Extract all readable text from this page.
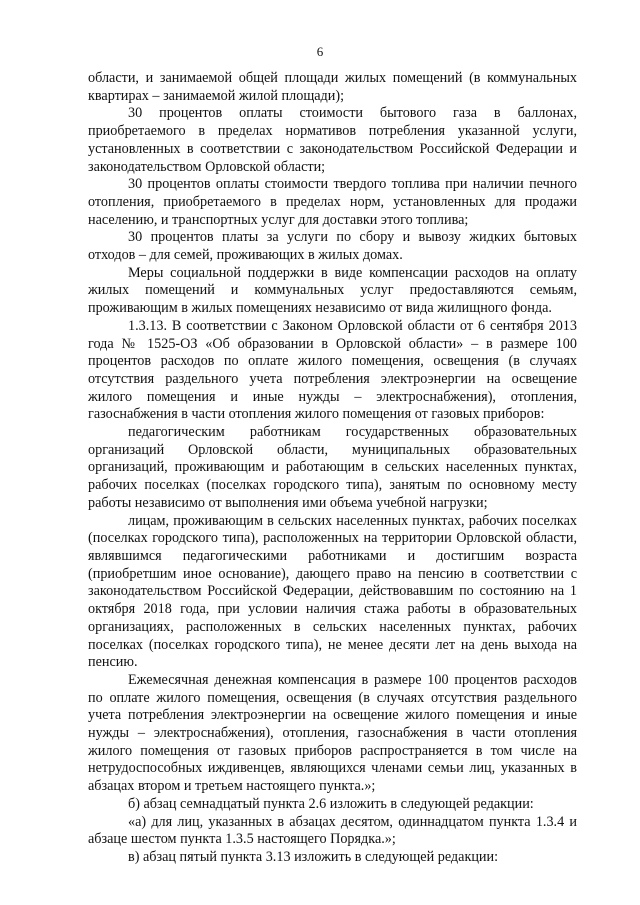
6

области, и занимаемой общей площади жилых помещений (в коммунальных квартирах – занимаемой жилой площади);

30 процентов оплаты стоимости бытового газа в баллонах, приобретаемого в пределах нормативов потребления указанной услуги, установленных в соответствии с законодательством Российской Федерации и законодательством Орловской области;

30 процентов оплаты стоимости твердого топлива при наличии печного отопления, приобретаемого в пределах норм, установленных для продажи населению, и транспортных услуг для доставки этого топлива;

30 процентов платы за услуги по сбору и вывозу жидких бытовых отходов – для семей, проживающих в жилых домах.

Меры социальной поддержки в виде компенсации расходов на оплату жилых помещений и коммунальных услуг предоставляются семьям, проживающим в жилых помещениях независимо от вида жилищного фонда.

1.3.13. В соответствии с Законом Орловской области от 6 сентября 2013 года № 1525-ОЗ «Об образовании в Орловской области» – в размере 100 процентов расходов по оплате жилого помещения, освещения (в случаях отсутствия раздельного учета потребления электроэнергии на освещение жилого помещения и иные нужды – электроснабжения), отопления, газоснабжения в части отопления жилого помещения от газовых приборов:

педагогическим работникам государственных образовательных организаций Орловской области, муниципальных образовательных организаций, проживающим и работающим в сельских населенных пунктах, рабочих поселках (поселках городского типа), занятым по основному месту работы независимо от выполнения ими объема учебной нагрузки;

лицам, проживающим в сельских населенных пунктах, рабочих поселках (поселках городского типа), расположенных на территории Орловской области, являвшимся педагогическими работниками и достигшим возраста (приобретшим иное основание), дающего право на пенсию в соответствии с законодательством Российской Федерации, действовавшим по состоянию на 1 октября 2018 года, при условии наличия стажа работы в образовательных организациях, расположенных в сельских населенных пунктах, рабочих поселках (поселках городского типа), не менее десяти лет на день выхода на пенсию.

Ежемесячная денежная компенсация в размере 100 процентов расходов по оплате жилого помещения, освещения (в случаях отсутствия раздельного учета потребления электроэнергии на освещение жилого помещения и иные нужды – электроснабжения), отопления, газоснабжения в части отопления жилого помещения от газовых приборов распространяется в том числе на нетрудоспособных иждивенцев, являющихся членами семьи лиц, указанных в абзацах втором и третьем настоящего пункта.»;

б) абзац семнадцатый пункта 2.6 изложить в следующей редакции:

«а) для лиц, указанных в абзацах десятом, одиннадцатом пункта 1.3.4 и абзаце шестом пункта 1.3.5 настоящего Порядка.»;

в) абзац пятый пункта 3.13 изложить в следующей редакции:
